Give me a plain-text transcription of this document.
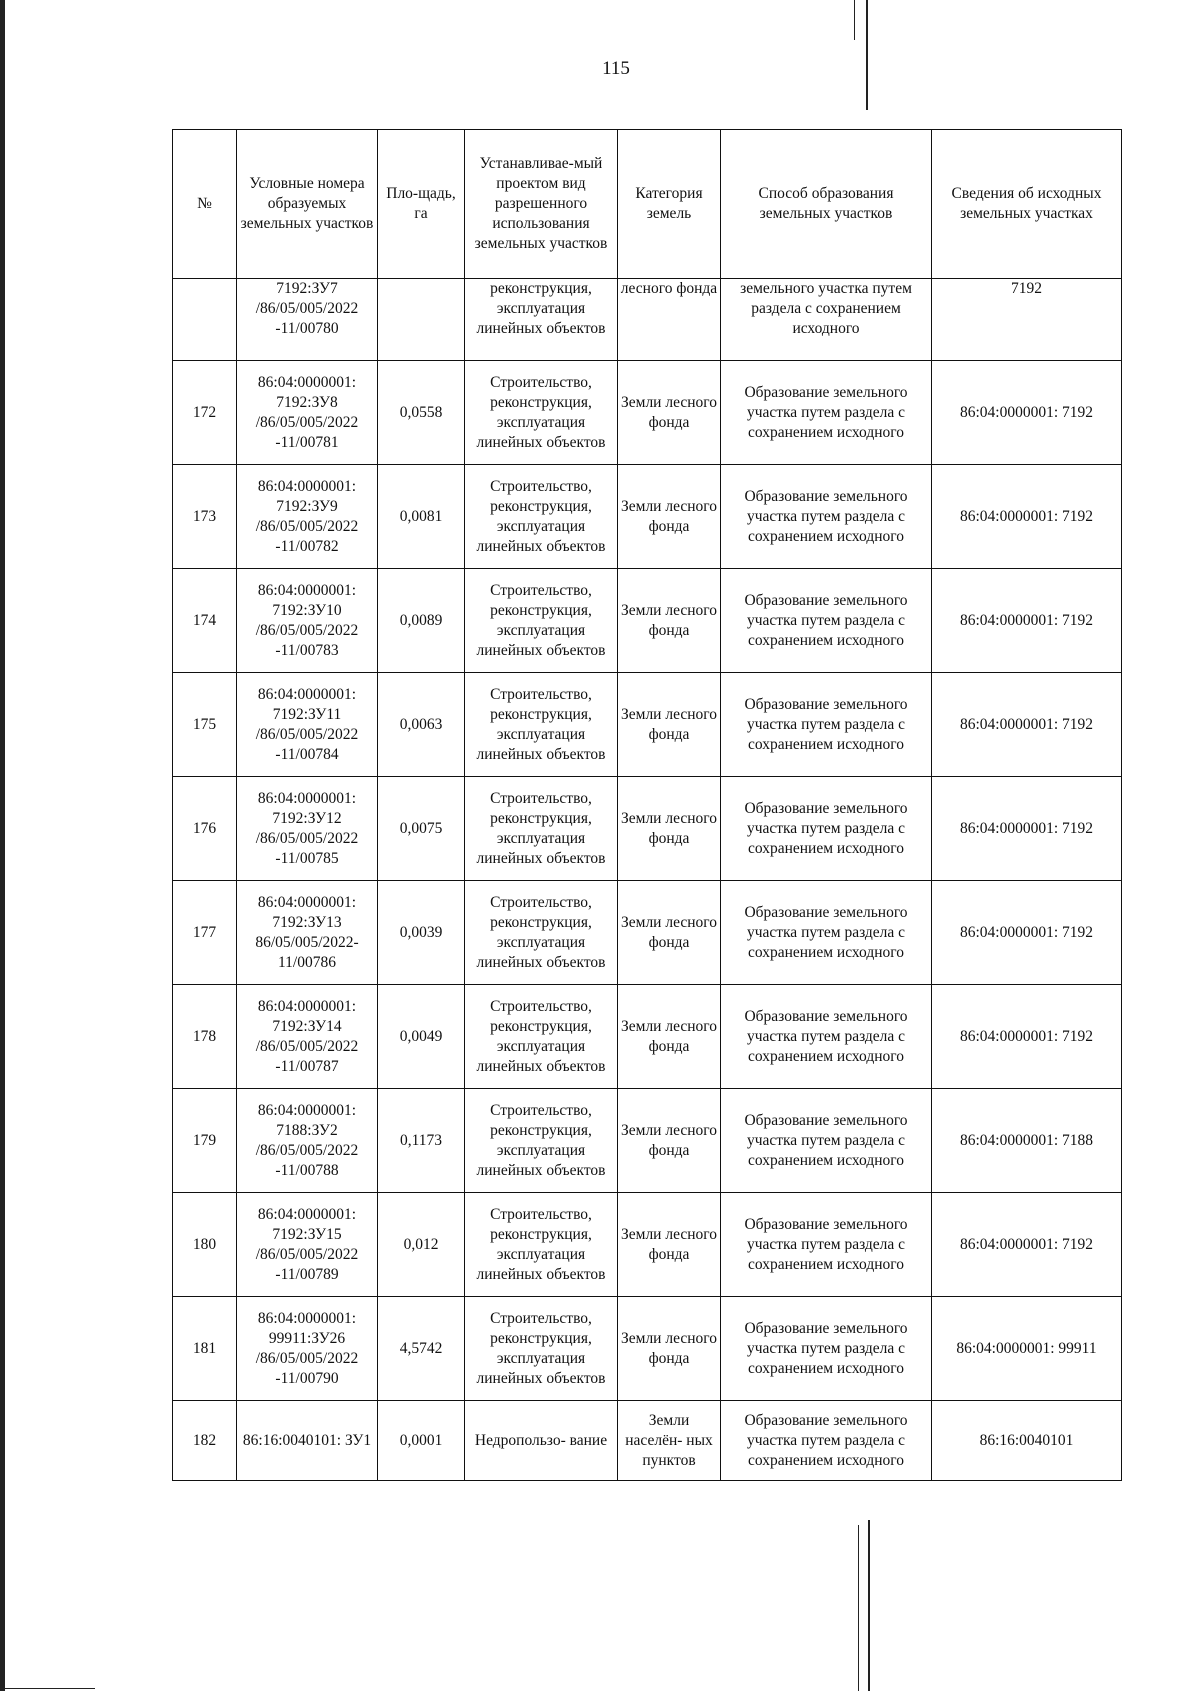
115
№	Условные номера образуемых земельных участков	Пло-щадь, га	Устанавливае-мый проектом вид разрешенного использования земельных участков	Категория земель	Способ образования земельных участков	Сведения об исходных земельных участках
	7192:ЗУ7 /86/05/005/2022 -11/00780		реконструкция, эксплуатация линейных объектов	лесного фонда	земельного участка путем раздела с сохранением исходного	7192
172	86:04:0000001: 7192:ЗУ8 /86/05/005/2022 -11/00781	0,0558	Строительство, реконструкция, эксплуатация линейных объектов	Земли лесного фонда	Образование земельного участка путем раздела с сохранением исходного	86:04:0000001: 7192
173	86:04:0000001: 7192:ЗУ9 /86/05/005/2022 -11/00782	0,0081	Строительство, реконструкция, эксплуатация линейных объектов	Земли лесного фонда	Образование земельного участка путем раздела с сохранением исходного	86:04:0000001: 7192
174	86:04:0000001: 7192:ЗУ10 /86/05/005/2022 -11/00783	0,0089	Строительство, реконструкция, эксплуатация линейных объектов	Земли лесного фонда	Образование земельного участка путем раздела с сохранением исходного	86:04:0000001: 7192
175	86:04:0000001: 7192:ЗУ11 /86/05/005/2022 -11/00784	0,0063	Строительство, реконструкция, эксплуатация линейных объектов	Земли лесного фонда	Образование земельного участка путем раздела с сохранением исходного	86:04:0000001: 7192
176	86:04:0000001: 7192:ЗУ12 /86/05/005/2022 -11/00785	0,0075	Строительство, реконструкция, эксплуатация линейных объектов	Земли лесного фонда	Образование земельного участка путем раздела с сохранением исходного	86:04:0000001: 7192
177	86:04:0000001: 7192:ЗУ13 86/05/005/2022- 11/00786	0,0039	Строительство, реконструкция, эксплуатация линейных объектов	Земли лесного фонда	Образование земельного участка путем раздела с сохранением исходного	86:04:0000001: 7192
178	86:04:0000001: 7192:ЗУ14 /86/05/005/2022 -11/00787	0,0049	Строительство, реконструкция, эксплуатация линейных объектов	Земли лесного фонда	Образование земельного участка путем раздела с сохранением исходного	86:04:0000001: 7192
179	86:04:0000001: 7188:ЗУ2 /86/05/005/2022 -11/00788	0,1173	Строительство, реконструкция, эксплуатация линейных объектов	Земли лесного фонда	Образование земельного участка путем раздела с сохранением исходного	86:04:0000001: 7188
180	86:04:0000001: 7192:ЗУ15 /86/05/005/2022 -11/00789	0,012	Строительство, реконструкция, эксплуатация линейных объектов	Земли лесного фонда	Образование земельного участка путем раздела с сохранением исходного	86:04:0000001: 7192
181	86:04:0000001: 99911:ЗУ26 /86/05/005/2022 -11/00790	4,5742	Строительство, реконструкция, эксплуатация линейных объектов	Земли лесного фонда	Образование земельного участка путем раздела с сохранением исходного	86:04:0000001: 99911
182	86:16:0040101: ЗУ1	0,0001	Недропользо- вание	Земли населён- ных пунктов	Образование земельного участка путем раздела с сохранением исходного	86:16:0040101
